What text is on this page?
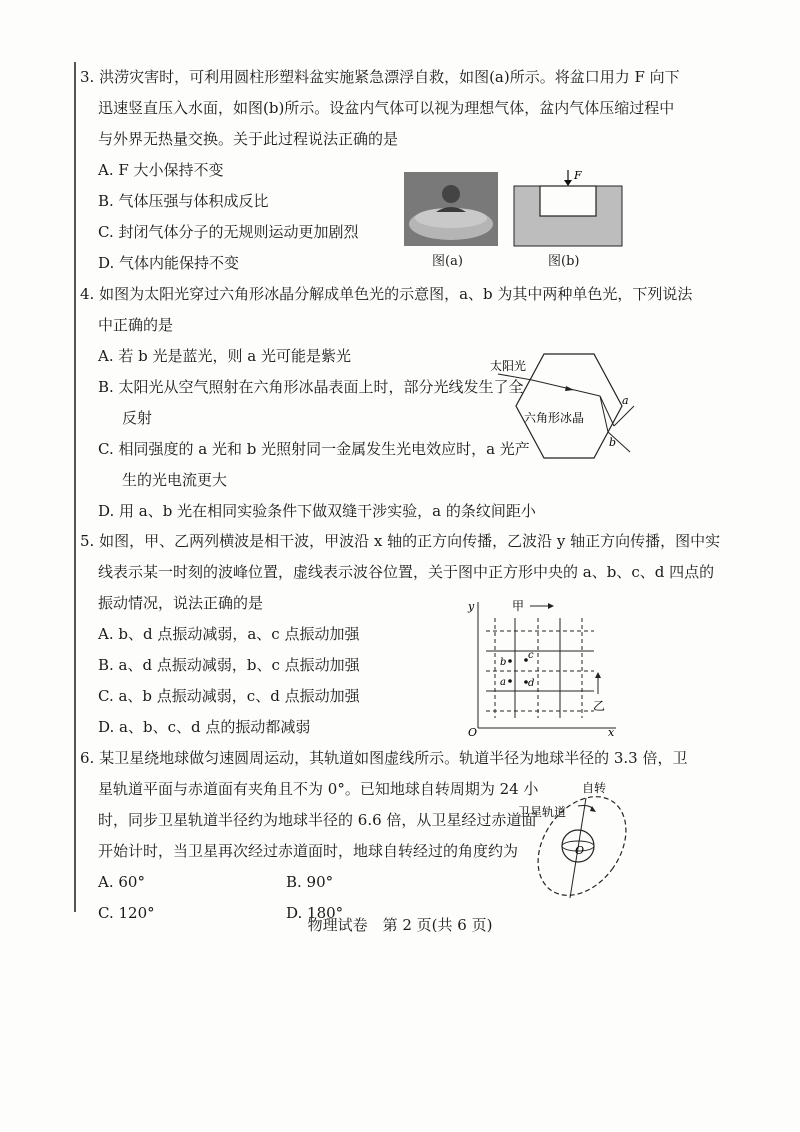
3. 洪涝灾害时，可利用圆柱形塑料盆实施紧急漂浮自救，如图(a)所示。将盆口用力 F 向下
迅速竖直压入水面，如图(b)所示。设盆内气体可以视为理想气体，盆内气体压缩过程中
与外界无热量交换。关于此过程说法正确的是
A. F 大小保持不变
B. 气体压强与体积成反比
C. 封闭气体分子的无规则运动更加剧烈
D. 气体内能保持不变	图(a)
F
图(b)
4. 如图为太阳光穿过六角形冰晶分解成单色光的示意图，a、b 为其中两种单色光，下列说法
中正确的是
A. 若 b 光是蓝光，则 a 光可能是紫光
B. 太阳光从空气照射在六角形冰晶表面上时，部分光线发生了全
反射
C. 相同强度的 a 光和 b 光照射同一金属发生光电效应时，a 光产
生的光电流更大
D. 用 a、b 光在相同实验条件下做双缝干涉实验，a 的条纹间距小
太阳光
六角形冰晶
a
b
5. 如图，甲、乙两列横波是相干波，甲波沿 x 轴的正方向传播，乙波沿 y 轴正方向传播，图中实
线表示某一时刻的波峰位置，虚线表示波谷位置，关于图中正方形中央的 a、b、c、d 四点的
振动情况，说法正确的是
A. b、d 点振动减弱，a、c 点振动加强
B. a、d 点振动减弱，b、c 点振动加强
C. a、b 点振动减弱，c、d 点振动加强
D. a、b、c、d 点的振动都减弱
y
x
O
b
c
a d
甲
乙
6. 某卫星绕地球做匀速圆周运动，其轨道如图虚线所示。轨道半径为地球半径的 3.3 倍，卫
星轨道平面与赤道面有夹角且不为 0°。已知地球自转周期为 24 小
时，同步卫星轨道半径约为地球半径的 6.6 倍，从卫星经过赤道面
开始计时，当卫星再次经过赤道面时，地球自转经过的角度约为
A. 60°	B. 90°
C. 120°	D. 180°
自转
卫星轨道
O
物理试卷　第 2 页(共 6 页)
